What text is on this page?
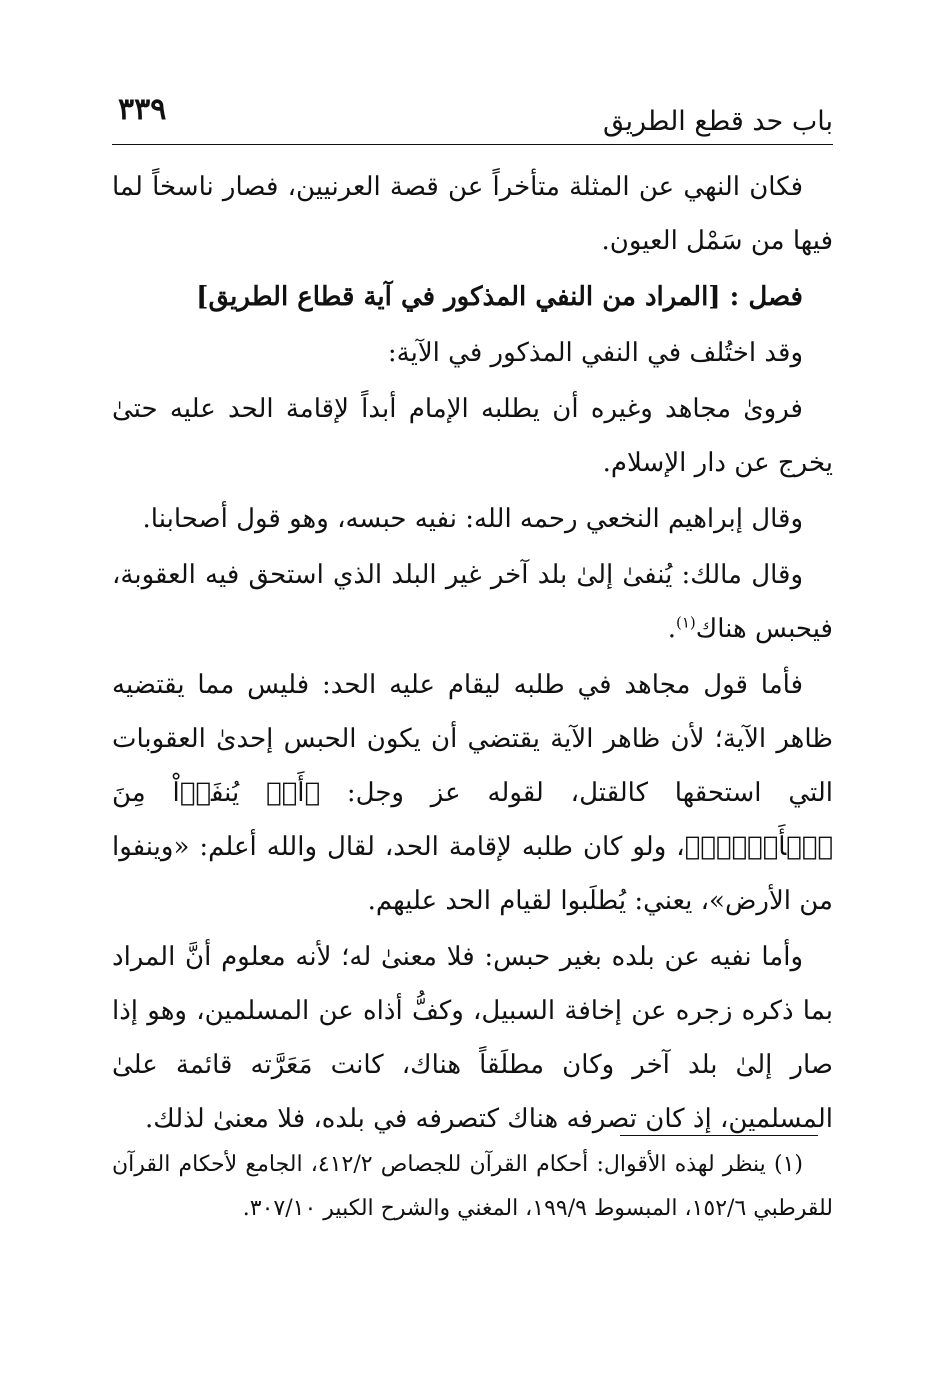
باب حد قطع الطريق
٣٣٩

فكان النهي عن المثلة متأخراً عن قصة العرنيين، فصار ناسخاً لما فيها من سَمْل العيون.

فصل : [المراد من النفي المذكور في آية قطاع الطريق]

وقد اختُلف في النفي المذكور في الآية:

فرویٰ مجاهد وغيره أن يطلبه الإمام أبداً لإقامة الحد عليه حتىٰ يخرج عن دار الإسلام.

وقال إبراهيم النخعي رحمه الله: نفيه حبسه، وهو قول أصحابنا.

وقال مالك: يُنفىٰ إلىٰ بلد آخر غير البلد الذي استحق فيه العقوبة، فيحبس هناك$^{(١)}$.

فأما قول مجاهد في طلبه ليقام عليه الحد: فليس مما يقتضيه ظاهر الآية؛ لأن ظاهر الآية يقتضي أن يكون الحبس إحدىٰ العقوبات التي استحقها كالقتل، لقوله عز وجل: ﴿أَوۡ يُنفَوۡاْ مِنَ ٱلۡأَرۡضِۚ﴾، ولو كان طلبه لإقامة الحد، لقال والله أعلم: «وينفوا من الأرض»، يعني: يُطلَبوا لقيام الحد عليهم.

وأما نفيه عن بلده بغير حبس: فلا معنىٰ له؛ لأنه معلوم أنَّ المراد بما ذكره زجره عن إخافة السبيل، وكفُّ أذاه عن المسلمين، وهو إذا صار إلىٰ بلد آخر وكان مطلَقاً هناك، كانت مَعَرَّته قائمة علىٰ المسلمين، إذ كان تصرفه هناك كتصرفه في بلده، فلا معنىٰ لذلك.

(١) ينظر لهذه الأقوال: أحكام القرآن للجصاص ٤١٢/٢، الجامع لأحكام القرآن للقرطبي ١٥٢/٦، المبسوط ١٩٩/٩، المغني والشرح الكبير ٣٠٧/١٠.
